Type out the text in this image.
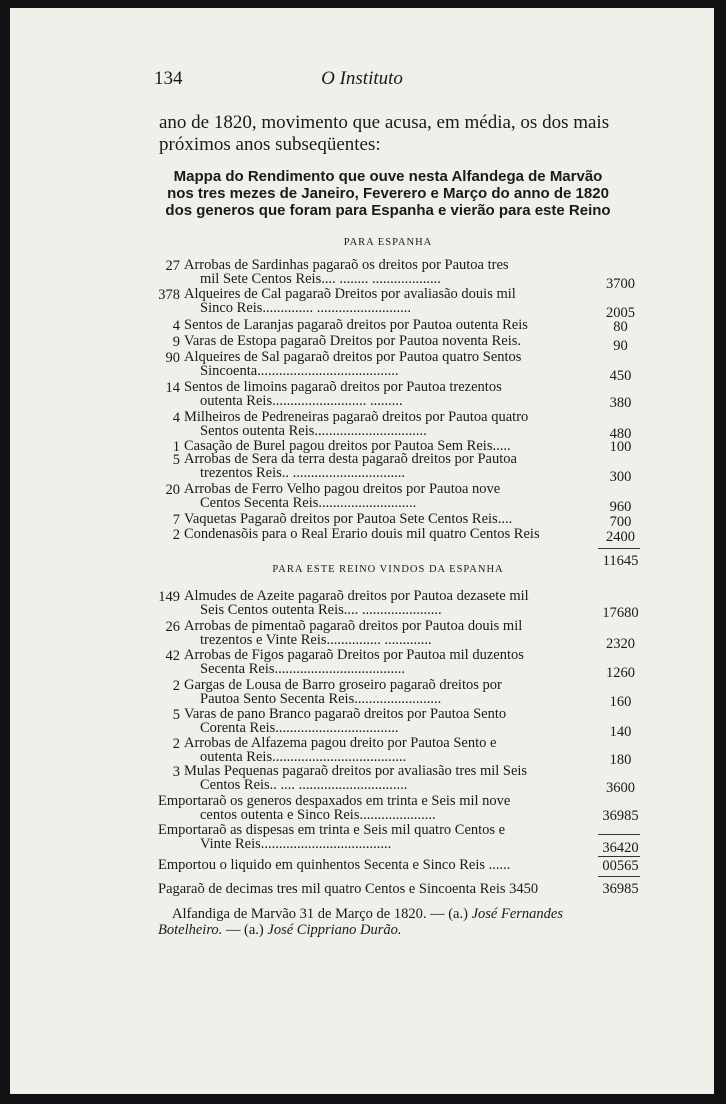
134	O Instituto
ano de 1820, movimento que acusa, em média, os dos mais
próximos anos subseqüentes:
Mappa do Rendimento que ouve nesta Alfandega de Marvão
nos tres mezes de Janeiro, Feverero e Março do anno de 1820
dos generos que foram para Espanha e vierão para este Reino
PARA ESPANHA
27 Arrobas de Sardinhas pagaraõ os dreitos por Pautoa tres
mil Sete Centos Reis.... ........ ...................	3700
378 Alqueires de Cal pagaraõ Dreitos por avaliasão douis mil
Sinco Reis.............. ..........................	2005
4 Sentos de Laranjas pagaraõ dreitos por Pautoa outenta Reis	80
9 Varas de Estopa pagaraõ Dreitos por Pautoa noventa Reis.	90
90 Alqueires de Sal pagaraõ dreitos por Pautoa quatro Sentos
Sincoenta.......................................	450
14 Sentos de limoins pagaraõ dreitos por Pautoa trezentos
outenta Reis.......................... .........	380
4 Milheiros de Pedreneiras pagaraõ dreitos por Pautoa quatro
Sentos outenta Reis...............................	480
1 Casação de Burel pagou dreitos por Pautoa Sem Reis.....	100
5 Arrobas de Sera da terra desta pagaraõ dreitos por Pautoa
trezentos Reis.. ...............................	300
20 Arrobas de Ferro Velho pagou dreitos por Pautoa nove
Centos Secenta Reis...........................	960
7 Vaquetas Pagaraõ dreitos por Pautoa Sete Centos Reis....	700
2 Condenasõis para o Real Erario douis mil quatro Centos Reis	2400
11645
PARA ESTE REINO VINDOS DA ESPANHA
149 Almudes de Azeite pagaraõ dreitos por Pautoa dezasete mil
Seis Centos outenta Reis.... ......................	17680
26 Arrobas de pimentaõ pagaraõ dreitos por Pautoa douis mil
trezentos e Vinte Reis............... .............	2320
42 Arrobas de Figos pagaraõ Dreitos por Pautoa mil duzentos
Secenta Reis....................................	1260
2 Gargas de Lousa de Barro groseiro pagaraõ dreitos por
Pautoa Sento Secenta Reis........................	160
5 Varas de pano Branco pagaraõ dreitos por Pautoa Sento
Corenta Reis..................................	140
2 Arrobas de Alfazema pagou dreito por Pautoa Sento e
outenta Reis.....................................	180
3 Mulas Pequenas pagaraõ dreitos por avaliasão tres mil Seis
Centos Reis.. .... ..............................	3600
Emportaraõ os generos despaxados em trinta e Seis mil nove
centos outenta e Sinco Reis.....................	36985
Emportaraõ as dispesas em trinta e Seis mil quatro Centos e
Vinte Reis....................................	36420
Emportou o liquido em quinhentos Secenta e Sinco Reis ......	00565
Pagaraõ de decimas tres mil quatro Centos e Sincoenta Reis 3450	36985
Alfandiga de Marvão 31 de Março de 1820. — (a.) José Fernandes Botelheiro. — (a.) José Cippriano Durão.
